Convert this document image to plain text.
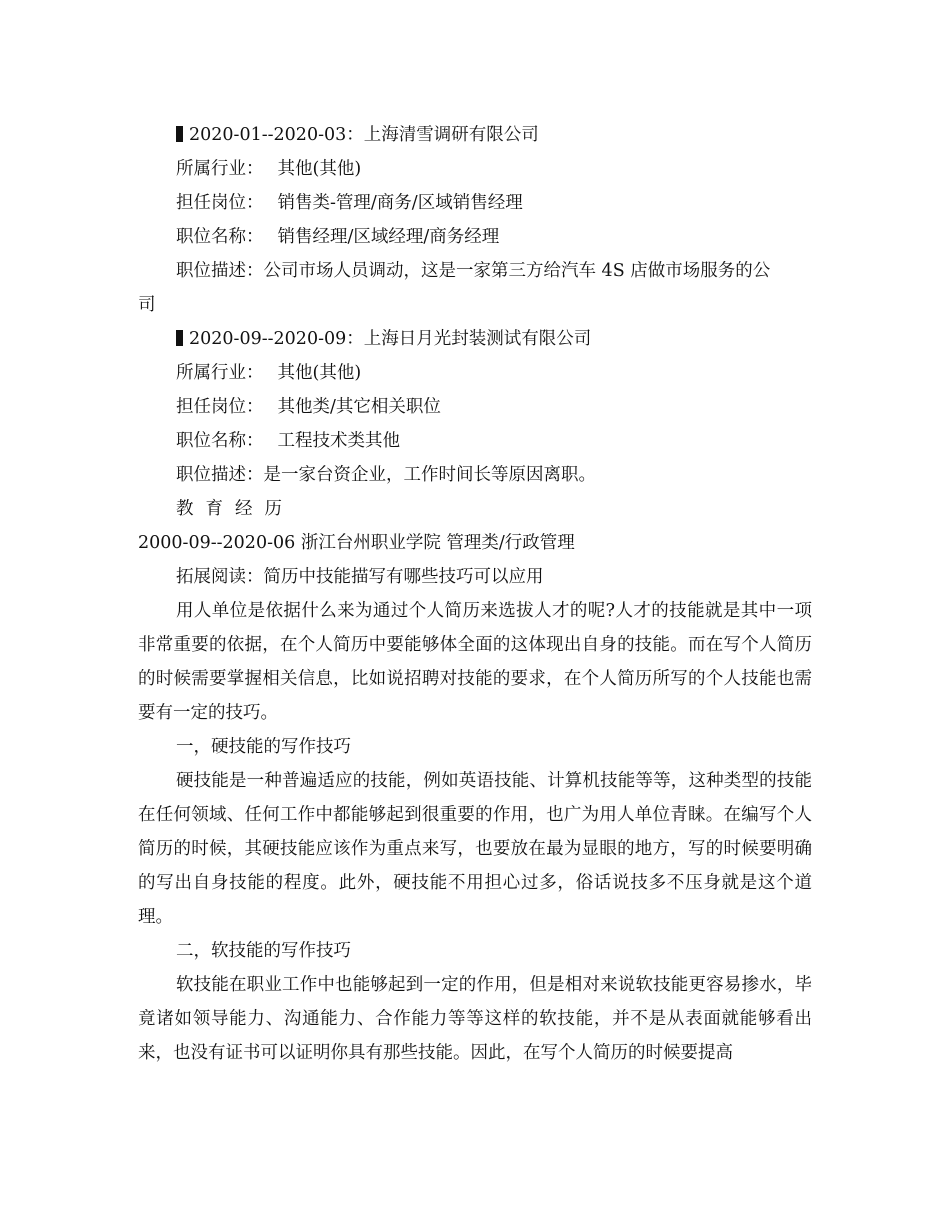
2020-01--2020-03：上海清雪调研有限公司
所属行业： 其他(其他)
担任岗位： 销售类-管理/商务/区域销售经理
职位名称： 销售经理/区域经理/商务经理
职位描述：公司市场人员调动，这是一家第三方给汽车 4S 店做市场服务的公
司
2020-09--2020-09：上海日月光封装测试有限公司
所属行业： 其他(其他)
担任岗位： 其他类/其它相关职位
职位名称： 工程技术类其他
职位描述：是一家台资企业，工作时间长等原因离职。
教育经历
2000-09--2020-06 浙江台州职业学院 管理类/行政管理
拓展阅读：简历中技能描写有哪些技巧可以应用

用人单位是依据什么来为通过个人简历来选拔人才的呢?人才的技能就是其中一项非常重要的依据，在个人简历中要能够体全面的这体现出自身的技能。而在写个人简历的时候需要掌握相关信息，比如说招聘对技能的要求，在个人简历所写的个人技能也需要有一定的技巧。

一，硬技能的写作技巧

硬技能是一种普遍适应的技能，例如英语技能、计算机技能等等，这种类型的技能在任何领域、任何工作中都能够起到很重要的作用，也广为用人单位青睐。在编写个人简历的时候，其硬技能应该作为重点来写，也要放在最为显眼的地方，写的时候要明确的写出自身技能的程度。此外，硬技能不用担心过多，俗话说技多不压身就是这个道理。

二，软技能的写作技巧

软技能在职业工作中也能够起到一定的作用，但是相对来说软技能更容易掺水，毕竟诸如领导能力、沟通能力、合作能力等等这样的软技能，并不是从表面就能够看出来，也没有证书可以证明你具有那些技能。因此，在写个人简历的时候要提高
